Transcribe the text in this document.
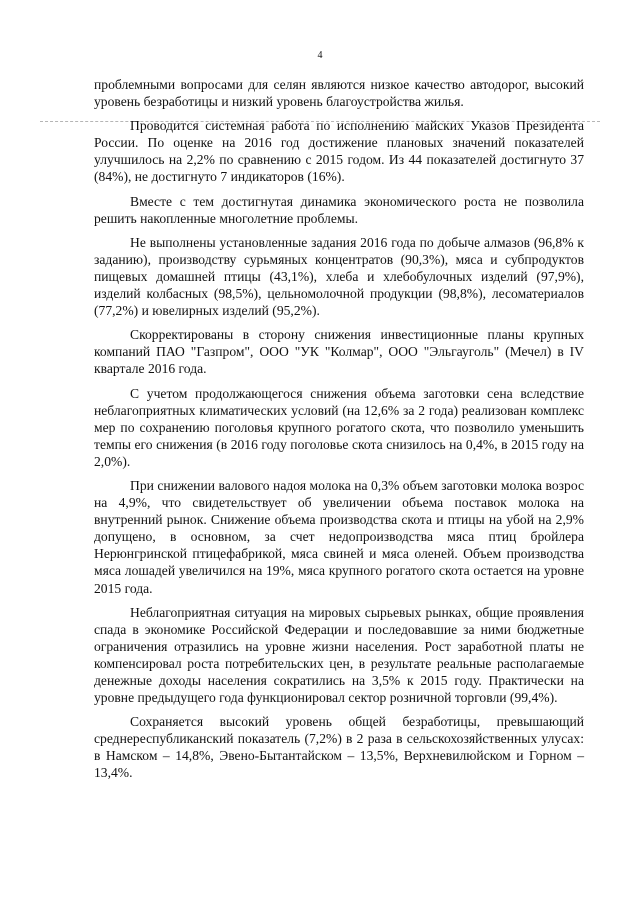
4

проблемными вопросами для селян являются низкое качество автодорог, высокий уровень безработицы и низкий уровень благоустройства жилья.

Проводится системная работа по исполнению майских Указов Президента России. По оценке на 2016 год достижение плановых значений показателей улучшилось на 2,2% по сравнению с 2015 годом. Из 44 показателей достигнуто 37 (84%), не достигнуто 7 индикаторов (16%).

Вместе с тем достигнутая динамика экономического роста не позволила решить накопленные многолетние проблемы.

Не выполнены установленные задания 2016 года по добыче алмазов (96,8% к заданию), производству сурьмяных концентратов (90,3%), мяса и субпродуктов пищевых домашней птицы (43,1%), хлеба и хлебобулочных изделий (97,9%), изделий колбасных (98,5%), цельномолочной продукции (98,8%), лесоматериалов (77,2%) и ювелирных изделий (95,2%).

Скорректированы в сторону снижения инвестиционные планы крупных компаний ПАО "Газпром", ООО "УК "Колмар", ООО "Эльгауголь" (Мечел) в IV квартале 2016 года.

С учетом продолжающегося снижения объема заготовки сена вследствие неблагоприятных климатических условий (на 12,6% за 2 года) реализован комплекс мер по сохранению поголовья крупного рогатого скота, что позволило уменьшить темпы его снижения (в 2016 году поголовье скота снизилось на 0,4%, в 2015 году на 2,0%).

При снижении валового надоя молока на 0,3% объем заготовки молока возрос на 4,9%, что свидетельствует об увеличении объема поставок молока на внутренний рынок. Снижение объема производства скота и птицы на убой на 2,9% допущено, в основном, за счет недопроизводства мяса птиц бройлера Нерюнгринской птицефабрикой, мяса свиней и мяса оленей. Объем производства мяса лошадей увеличился на 19%, мяса крупного рогатого скота остается на уровне 2015 года.

Неблагоприятная ситуация на мировых сырьевых рынках, общие проявления спада в экономике Российской Федерации и последовавшие за ними бюджетные ограничения отразились на уровне жизни населения. Рост заработной платы не компенсировал роста потребительских цен, в результате реальные располагаемые денежные доходы населения сократились на 3,5% к 2015 году. Практически на уровне предыдущего года функционировал сектор розничной торговли (99,4%).

Сохраняется высокий уровень общей безработицы, превышающий среднереспубликанский показатель (7,2%) в 2 раза в сельскохозяйственных улусах: в Намском – 14,8%, Эвено-Бытантайском – 13,5%, Верхневилюйском и Горном – 13,4%.
